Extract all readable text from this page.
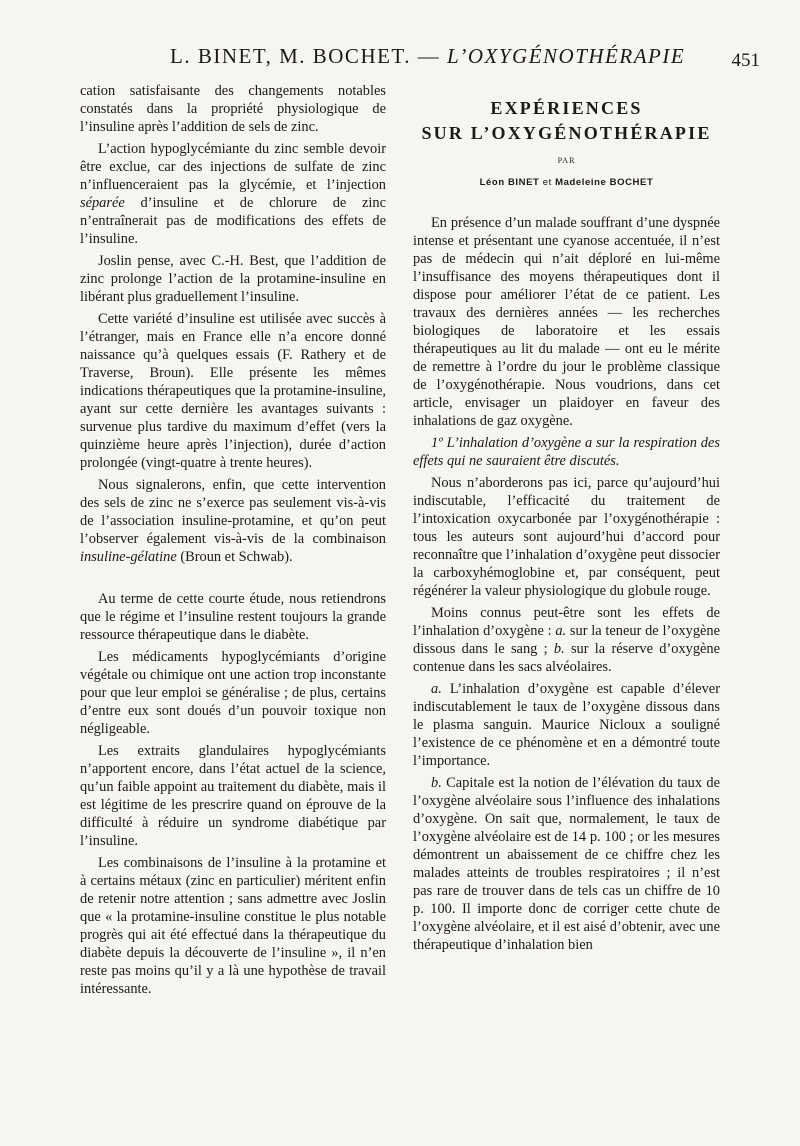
L. BINET, M. BOCHET. — L’OXYGÉNOTHÉRAPIE 451

cation satisfaisante des changements notables constatés dans la propriété physiologique de l’insuline après l’addition de sels de zinc.

L’action hypoglycémiante du zinc semble devoir être exclue, car des injections de sulfate de zinc n’influenceraient pas la glycémie, et l’injection séparée d’insuline et de chlorure de zinc n’entraînerait pas de modifications des effets de l’insuline.

Joslin pense, avec C.-H. Best, que l’addition de zinc prolonge l’action de la protamine-insuline en libérant plus graduellement l’insuline.

Cette variété d’insuline est utilisée avec succès à l’étranger, mais en France elle n’a encore donné naissance qu’à quelques essais (F. Rathery et de Traverse, Broun). Elle présente les mêmes indications thérapeutiques que la protamine-insuline, ayant sur cette dernière les avantages suivants : survenue plus tardive du maximum d’effet (vers la quinzième heure après l’injection), durée d’action prolongée (vingt-quatre à trente heures).

Nous signalerons, enfin, que cette intervention des sels de zinc ne s’exerce pas seulement vis-à-vis de l’association insuline-protamine, et qu’on peut l’observer également vis-à-vis de la combinaison insuline-gélatine (Broun et Schwab).

Au terme de cette courte étude, nous retiendrons que le régime et l’insuline restent toujours la grande ressource thérapeutique dans le diabète.

Les médicaments hypoglycémiants d’origine végétale ou chimique ont une action trop inconstante pour que leur emploi se généralise ; de plus, certains d’entre eux sont doués d’un pouvoir toxique non négligeable.

Les extraits glandulaires hypoglycémiants n’apportent encore, dans l’état actuel de la science, qu’un faible appoint au traitement du diabète, mais il est légitime de les prescrire quand on éprouve de la difficulté à réduire un syndrome diabétique par l’insuline.

Les combinaisons de l’insuline à la protamine et à certains métaux (zinc en particulier) méritent enfin de retenir notre attention ; sans admettre avec Joslin que « la protamine-insuline constitue le plus notable progrès qui ait été effectué dans la thérapeutique du diabète depuis la découverte de l’insuline », il n’en reste pas moins qu’il y a là une hypothèse de travail intéressante.

EXPÉRIENCES
SUR L’OXYGÉNOTHÉRAPIE
PAR
Léon BINET et Madeleine BOCHET

En présence d’un malade souffrant d’une dyspnée intense et présentant une cyanose accentuée, il n’est pas de médecin qui n’ait déploré en lui-même l’insuffisance des moyens thérapeutiques dont il dispose pour améliorer l’état de ce patient. Les travaux des dernières années — les recherches biologiques de laboratoire et les essais thérapeutiques au lit du malade — ont eu le mérite de remettre à l’ordre du jour le problème classique de l’oxygénothérapie. Nous voudrions, dans cet article, envisager un plaidoyer en faveur des inhalations de gaz oxygène.

1º L’inhalation d’oxygène a sur la respiration des effets qui ne sauraient être discutés.

Nous n’aborderons pas ici, parce qu’aujourd’hui indiscutable, l’efficacité du traitement de l’intoxication oxycarbonée par l’oxygénothérapie : tous les auteurs sont aujourd’hui d’accord pour reconnaître que l’inhalation d’oxygène peut dissocier la carboxyhémoglobine et, par conséquent, peut régénérer la valeur physiologique du globule rouge.

Moins connus peut-être sont les effets de l’inhalation d’oxygène : a. sur la teneur de l’oxygène dissous dans le sang ; b. sur la réserve d’oxygène contenue dans les sacs alvéolaires.

a. L’inhalation d’oxygène est capable d’élever indiscutablement le taux de l’oxygène dissous dans le plasma sanguin. Maurice Nicloux a souligné l’existence de ce phénomène et en a démontré toute l’importance.

b. Capitale est la notion de l’élévation du taux de l’oxygène alvéolaire sous l’influence des inhalations d’oxygène. On sait que, normalement, le taux de l’oxygène alvéolaire est de 14 p. 100 ; or les mesures démontrent un abaissement de ce chiffre chez les malades atteints de troubles respiratoires ; il n’est pas rare de trouver dans de tels cas un chiffre de 10 p. 100. Il importe donc de corriger cette chute de l’oxygène alvéolaire, et il est aisé d’obtenir, avec une thérapeutique d’inhalation bien
